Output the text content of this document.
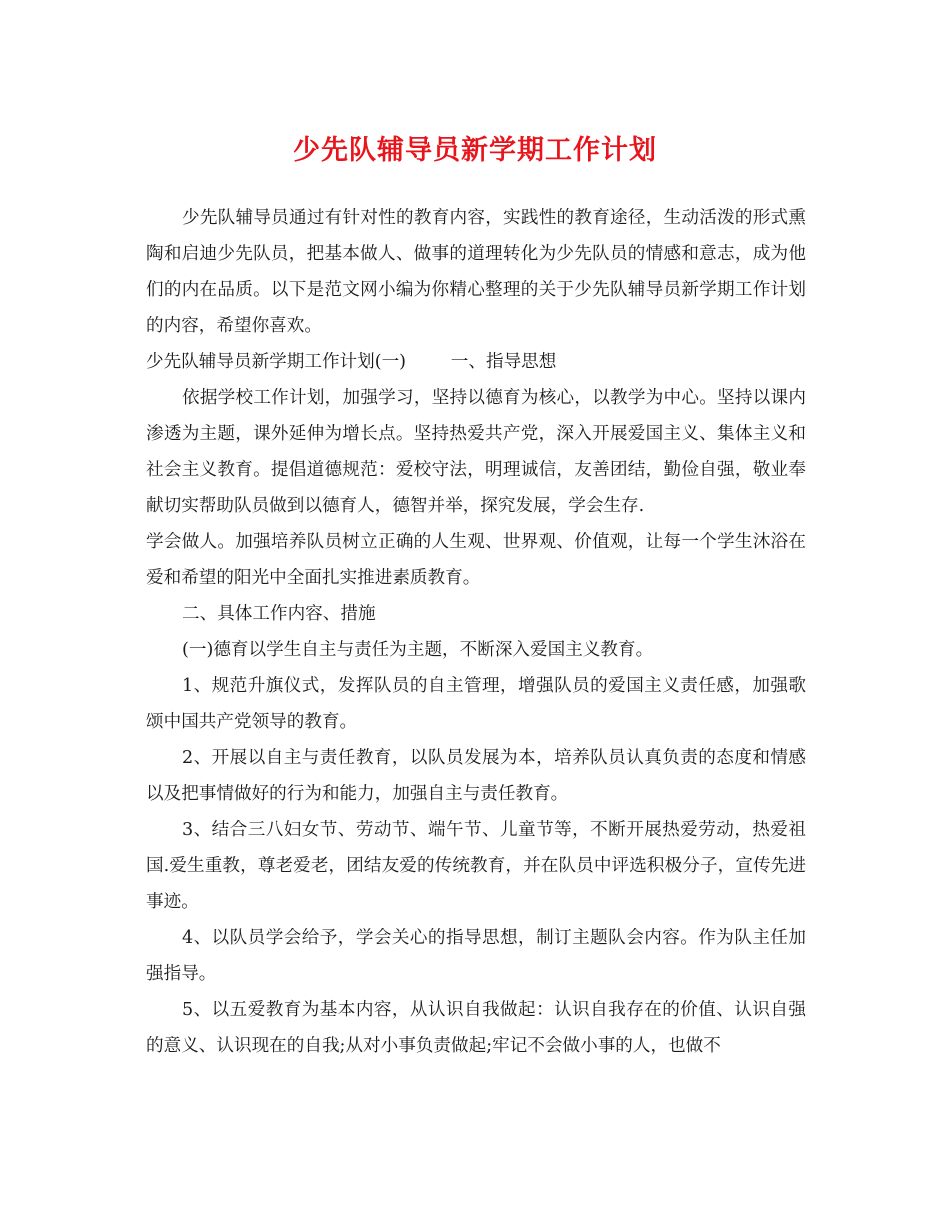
少先队辅导员新学期工作计划

少先队辅导员通过有针对性的教育内容，实践性的教育途径，生动活泼的形式熏陶和启迪少先队员，把基本做人、做事的道理转化为少先队员的情感和意志，成为他们的内在品质。以下是范文网小编为你精心整理的关于少先队辅导员新学期工作计划的内容，希望你喜欢。

少先队辅导员新学期工作计划(一)        一、指导思想

依据学校工作计划，加强学习，坚持以德育为核心，以教学为中心。坚持以课内渗透为主题，课外延伸为增长点。坚持热爱共产党，深入开展爱国主义、集体主义和社会主义教育。提倡道德规范：爱校守法，明理诚信，友善团结，勤俭自强，敬业奉献切实帮助队员做到以德育人，德智并举，探究发展，学会生存.

学会做人。加强培养队员树立正确的人生观、世界观、价值观，让每一个学生沐浴在爱和希望的阳光中全面扎实推进素质教育。

二、具体工作内容、措施

(一)德育以学生自主与责任为主题，不断深入爱国主义教育。

1、规范升旗仪式，发挥队员的自主管理，增强队员的爱国主义责任感，加强歌颂中国共产党领导的教育。

2、开展以自主与责任教育，以队员发展为本，培养队员认真负责的态度和情感以及把事情做好的行为和能力，加强自主与责任教育。

3、结合三八妇女节、劳动节、端午节、儿童节等，不断开展热爱劳动，热爱祖国.爱生重教，尊老爱老，团结友爱的传统教育，并在队员中评选积极分子，宣传先进事迹。

4、以队员学会给予，学会关心的指导思想，制订主题队会内容。作为队主任加强指导。

5、以五爱教育为基本内容，从认识自我做起：认识自我存在的价值、认识自强的意义、认识现在的自我;从对小事负责做起;牢记不会做小事的人，也做不
